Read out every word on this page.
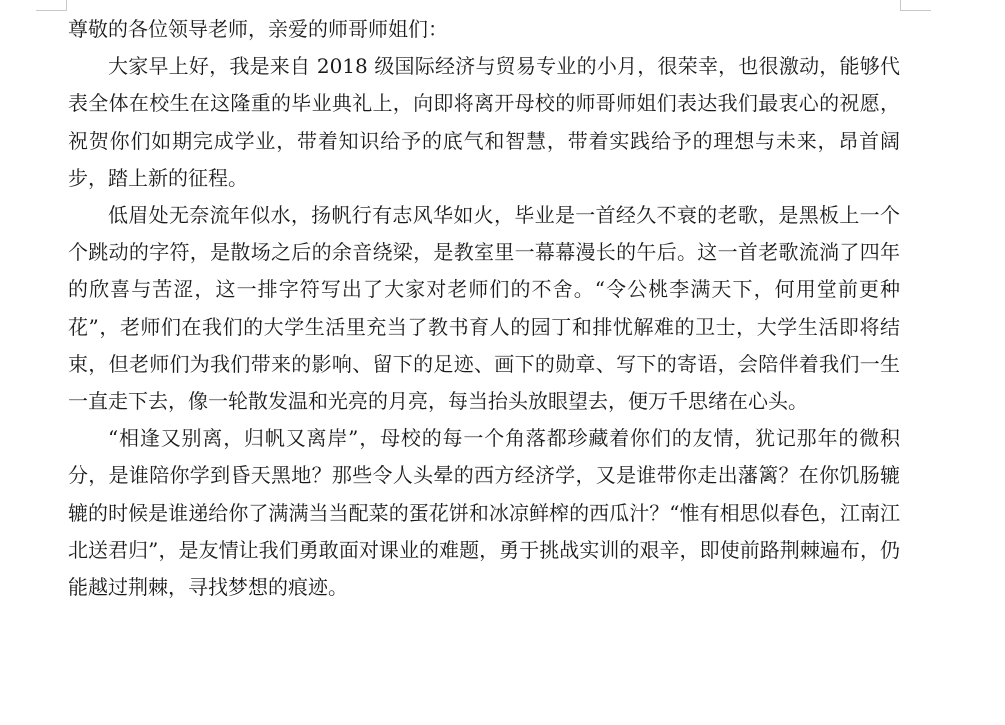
尊敬的各位领导老师，亲爱的师哥师姐们：

大家早上好，我是来自 2018 级国际经济与贸易专业的小月，很荣幸，也很激动，能够代表全体在校生在这隆重的毕业典礼上，向即将离开母校的师哥师姐们表达我们最衷心的祝愿，祝贺你们如期完成学业，带着知识给予的底气和智慧，带着实践给予的理想与未来，昂首阔步，踏上新的征程。

低眉处无奈流年似水，扬帆行有志风华如火，毕业是一首经久不衰的老歌，是黑板上一个个跳动的字符，是散场之后的余音绕梁，是教室里一幕幕漫长的午后。这一首老歌流淌了四年的欣喜与苦涩，这一排字符写出了大家对老师们的不舍。“令公桃李满天下，何用堂前更种花”，老师们在我们的大学生活里充当了教书育人的园丁和排忧解难的卫士，大学生活即将结束，但老师们为我们带来的影响、留下的足迹、画下的勋章、写下的寄语，会陪伴着我们一生一直走下去，像一轮散发温和光亮的月亮，每当抬头放眼望去，便万千思绪在心头。

“相逢又别离，归帆又离岸”，母校的每一个角落都珍藏着你们的友情，犹记那年的微积分，是谁陪你学到昏天黑地？那些令人头晕的西方经济学，又是谁带你走出藩篱？在你饥肠辘辘的时候是谁递给你了满满当当配菜的蛋花饼和冰凉鲜榨的西瓜汁？“惟有相思似春色，江南江北送君归”，是友情让我们勇敢面对课业的难题，勇于挑战实训的艰辛，即使前路荆棘遍布，仍能越过荆棘，寻找梦想的痕迹。
